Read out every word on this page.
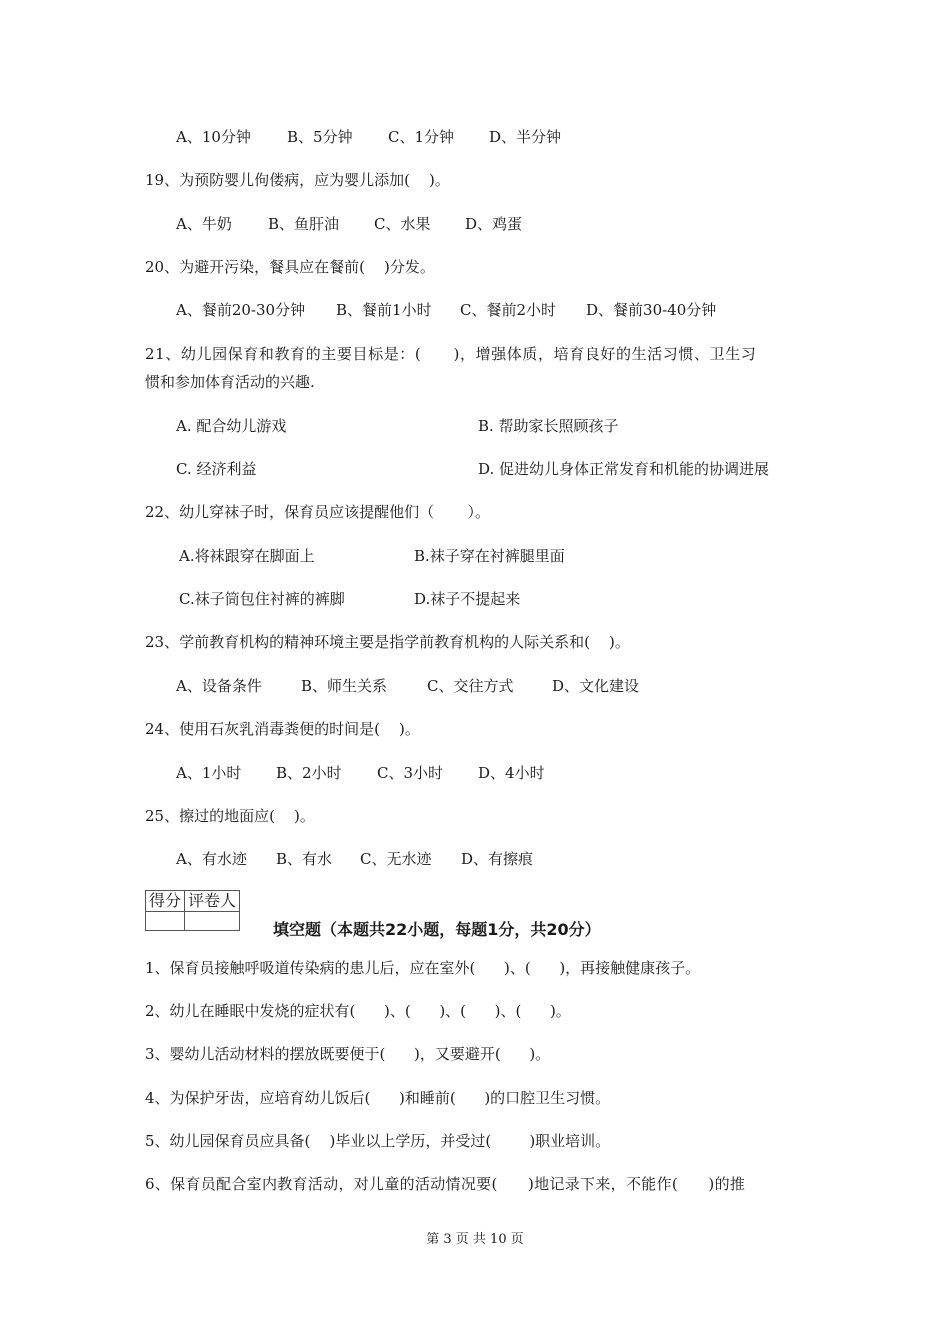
A、10分钟 B、5分钟 C、1分钟 D、半分钟
19、为预防婴儿佝偻病，应为婴儿添加(    )。
A、牛奶 B、鱼肝油 C、水果 D、鸡蛋
20、为避开污染，餐具应在餐前(    )分发。
A、餐前20-30分钟 B、餐前1小时 C、餐前2小时 D、餐前30-40分钟
21、幼儿园保育和教育的主要目标是：(      )，增强体质，培育良好的生活习惯、卫生习
惯和参加体育活动的兴趣.
A. 配合幼儿游戏	B. 帮助家长照顾孩子
C. 经济利益	D. 促进幼儿身体正常发育和机能的协调进展
22、幼儿穿袜子时，保育员应该提醒他们（       ）。
A.将袜跟穿在脚面上	B.袜子穿在衬裤腿里面
C.袜子筒包住衬裤的裤脚	D.袜子不提起来
23、学前教育机构的精神环境主要是指学前教育机构的人际关系和(    )。
A、设备条件	B、师生关系	C、交往方式	D、文化建设
24、使用石灰乳消毒粪便的时间是(    )。
A、1小时 B、2小时 C、3小时 D、4小时
25、擦过的地面应(    )。
A、有水迹 B、有水 C、无水迹 D、有擦痕
得分	评卷人

填空题（本题共22小题，每题1分，共20分）
1、保育员接触呼吸道传染病的患儿后，应在室外(      )、(      )，再接触健康孩子。
2、幼儿在睡眠中发烧的症状有(      )、(      )、(      )、(      )。
3、婴幼儿活动材料的摆放既要便于(      )，又要避开(      )。
4、为保护牙齿，应培育幼儿饭后(      )和睡前(      )的口腔卫生习惯。
5、幼儿园保育员应具备(    )毕业以上学历，并受过(        )职业培训。
6、保育员配合室内教育活动，对儿童的活动情况要(      )地记录下来，不能作(      )的推
第 3 页 共 10 页
